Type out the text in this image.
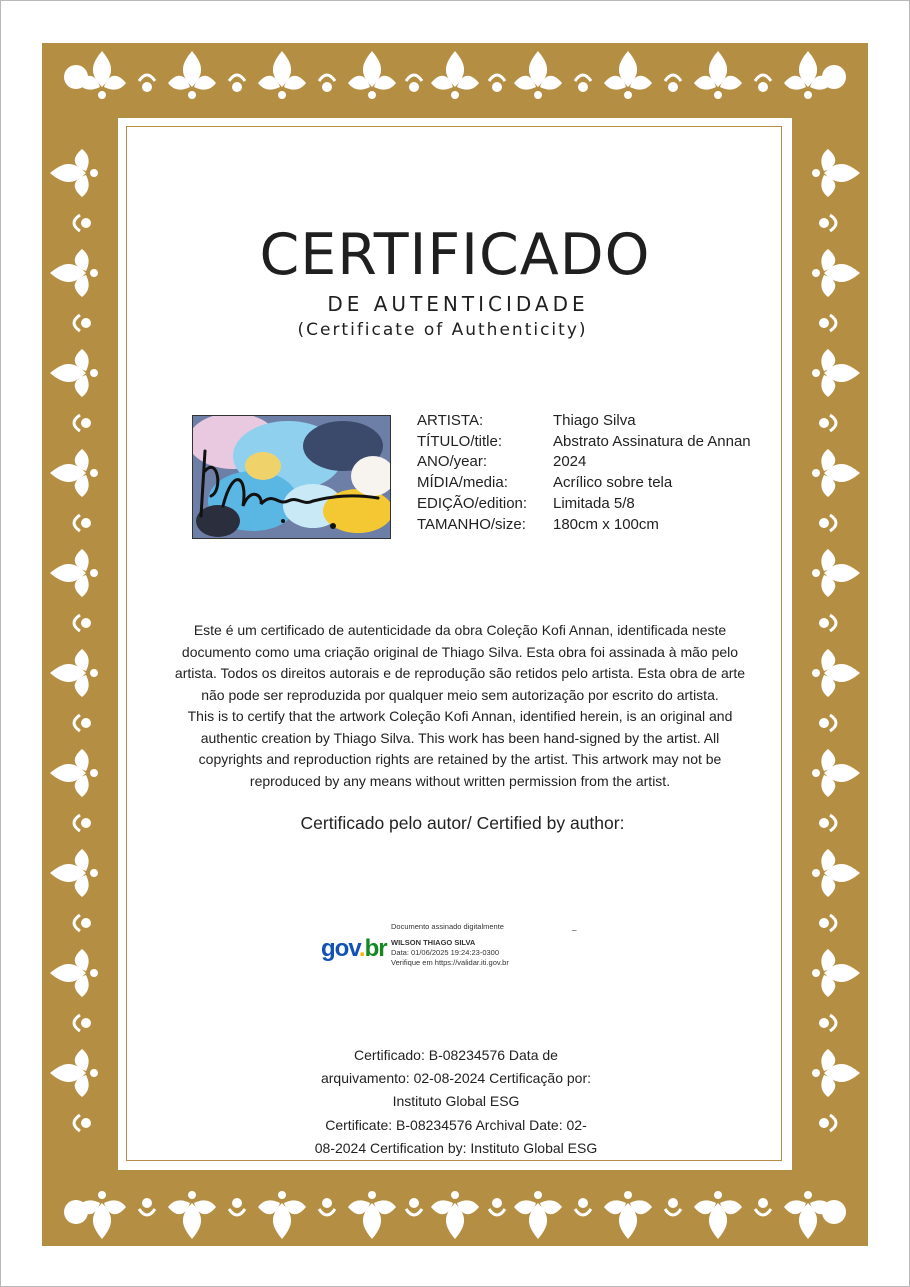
CERTIFICADO
DE AUTENTICIDADE
(Certificate of Authenticity)
ARTISTA:	Thiago Silva
TÍTULO/title:	Abstrato Assinatura de Annan
ANO/year:	2024
MÍDIA/media:	Acrílico sobre tela
EDIÇÃO/edition:	Limitada 5/8
TAMANHO/size:	180cm x 100cm
Este é um certificado de autenticidade da obra Coleção Kofi Annan, identificada neste
documento como uma criação original de Thiago Silva. Esta obra foi assinada à mão pelo
artista. Todos os direitos autorais e de reprodução são retidos pelo artista. Esta obra de arte
não pode ser reproduzida por qualquer meio sem autorização por escrito do artista.
This is to certify that the artwork Coleção Kofi Annan, identified herein, is an original and
authentic creation by Thiago Silva. This work has been hand-signed by the artist. All
copyrights and reproduction rights are retained by the artist. This artwork may not be
reproduced by any means without written permission from the artist.
Certificado pelo autor/ Certified by author:
gov.br
Documento assinado digitalmente
WILSON THIAGO SILVA
Data: 01/06/2025 19:24:23-0300
Verifique em https://validar.iti.gov.br
_
Certificado: B-08234576 Data de
arquivamento: 02-08-2024 Certificação por:
Instituto Global ESG
Certificate: B-08234576 Archival Date: 02-
08-2024 Certification by: Instituto Global ESG
